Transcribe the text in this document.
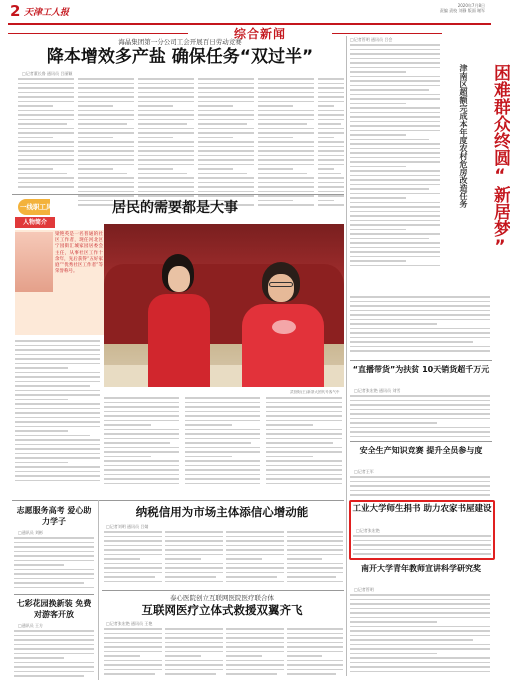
2 天津工人报
2020年7月8日
责编 责校 刘静 版面 谢军
综合新闻
海晶集团第一分公司工会开展百日劳动竞赛
降本增效多产盐 确保任务“双过半”
□记者董长鲁 通讯员 吕丽颖
□记者管明 通讯员 吕会
津南区超额完成本年度农村危房改造任务	困难群众终圆“新居梦”
“直播带货”为扶贫 10天销货超千万元
□记者张宏艳 通讯员 刘雪
安全生产知识竞赛 提升全员参与度
□记者王军
工业大学师生捐书 助力农家书屋建设
□记者张宏艳
南开大学青年教师宣讲科学研究奖
□记者管明
一线职工风采	居民的需要都是大事
人物简介
梁艳英是一名普通的社区工作者，现任河北区宁园街汇城家园居委会主任，从事社区工作十余年，先后获得“五好家庭”“优秀社区工作者”等荣誉称号。
武营街(王)新茶大团代号客气中
志愿服务高考 爱心助力学子
□通讯员 刘彬
七彩花园换新装 免费对游客开放
□通讯员 王方
纳税信用为市场主体添信心增动能
□记者刘明 通讯员 吕婧
泰心医院创立互联网医院医疗联合体
互联网医疗立体式救援双翼齐飞
□记者张宏艳 通讯员 王艳
